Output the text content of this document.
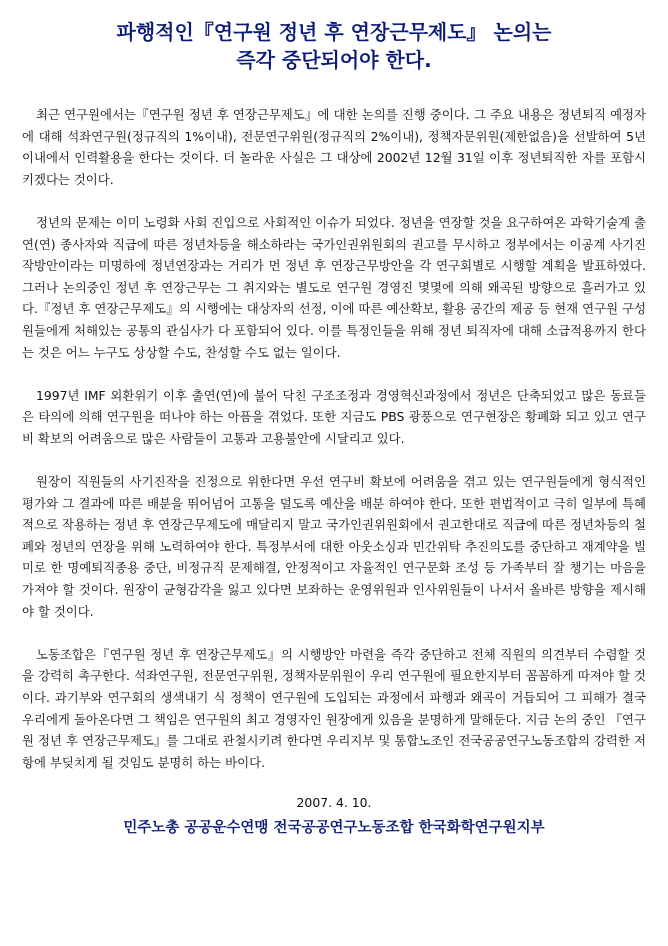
파행적인『연구원 정년 후 연장근무제도』 논의는
즉각 중단되어야 한다.

최근 연구원에서는『연구원 정년 후 연장근무제도』에 대한 논의를 진행 중이다. 그 주요 내용은 정년퇴직 예정자에 대해 석좌연구원(정규직의 1%이내), 전문연구위원(정규직의 2%이내), 정책자문위원(제한없음)을 선발하여 5년 이내에서 인력활용을 한다는 것이다. 더 놀라운 사실은 그 대상에 2002년 12월 31일 이후 정년퇴직한 자를 포함시키겠다는 것이다.

정년의 문제는 이미 노령화 사회 진입으로 사회적인 이슈가 되었다. 정년을 연장할 것을 요구하여온 과학기술계 출연(연) 종사자와 직급에 따른 정년차등을 해소하라는 국가인권위원회의 권고를 무시하고 정부에서는 이공계 사기진작방안이라는 미명하에 정년연장과는 거리가 먼 정년 후 연장근무방안을 각 연구회별로 시행할 계획을 발표하였다. 그러나 논의중인 정년 후 연장근무는 그 취지와는 별도로 연구원 경영진 몇몇에 의해 왜곡된 방향으로 흘러가고 있다.『정년 후 연장근무제도』의 시행에는 대상자의 선정, 이에 따른 예산확보, 활용 공간의 제공 등 현재 연구원 구성원들에게 처해있는 공통의 관심사가 다 포함되어 있다. 이를 특정인들을 위해 정년 퇴직자에 대해 소급적용까지 한다는 것은 어느 누구도 상상할 수도, 찬성할 수도 없는 일이다.

1997년 IMF 외환위기 이후 출연(연)에 불어 닥친 구조조정과 경영혁신과정에서 정년은 단축되었고 많은 동료들은 타의에 의해 연구원을 떠나야 하는 아픔을 겪었다. 또한 지금도 PBS 광풍으로 연구현장은 황폐화 되고 있고 연구비 확보의 어려움으로 많은 사람들이 고통과 고용불안에 시달리고 있다.

원장이 직원들의 사기진작을 진정으로 위한다면 우선 연구비 확보에 어려움을 겪고 있는 연구원들에게 형식적인 평가와 그 결과에 따른 배분을 뛰어넘어 고통을 덜도록 예산을 배분 하여야 한다. 또한 편법적이고 극히 일부에 특혜적으로 작용하는 정년 후 연장근무제도에 매달리지 말고 국가인권위원회에서 권고한대로 직급에 따른 정년차등의 철폐와 정년의 연장을 위해 노력하여야 한다. 특정부서에 대한 아웃소싱과 민간위탁 추진의도를 중단하고 재계약을 빌미로 한 명예퇴직종용 중단, 비정규직 문제해결, 안정적이고 자율적인 연구문화 조성 등 가족부터 잘 챙기는 마음을 가져야 할 것이다. 원장이 균형감각을 잃고 있다면 보좌하는 운영위원과 인사위원들이 나서서 올바른 방향을 제시해야 할 것이다.

노동조합은『연구원 정년 후 연장근무제도』의 시행방안 마련을 즉각 중단하고 전체 직원의 의견부터 수렴할 것을 강력히 촉구한다. 석좌연구원, 전문연구위원, 정책자문위원이 우리 연구원에 필요한지부터 꼼꼼하게 따져야 할 것이다. 과기부와 연구회의 생색내기 식 정책이 연구원에 도입되는 과정에서 파행과 왜곡이 거듭되어 그 피해가 결국 우리에게 돌아온다면 그 책임은 연구원의 최고 경영자인 원장에게 있음을 분명하게 말해둔다. 지금 논의 중인 『연구원 정년 후 연장근무제도』를 그대로 관철시키려 한다면 우리지부 및 통합노조인 전국공공연구노동조합의 강력한 저항에 부딪치게 될 것임도 분명히 하는 바이다.

2007. 4. 10.
민주노총 공공운수연맹 전국공공연구노동조합 한국화학연구원지부
